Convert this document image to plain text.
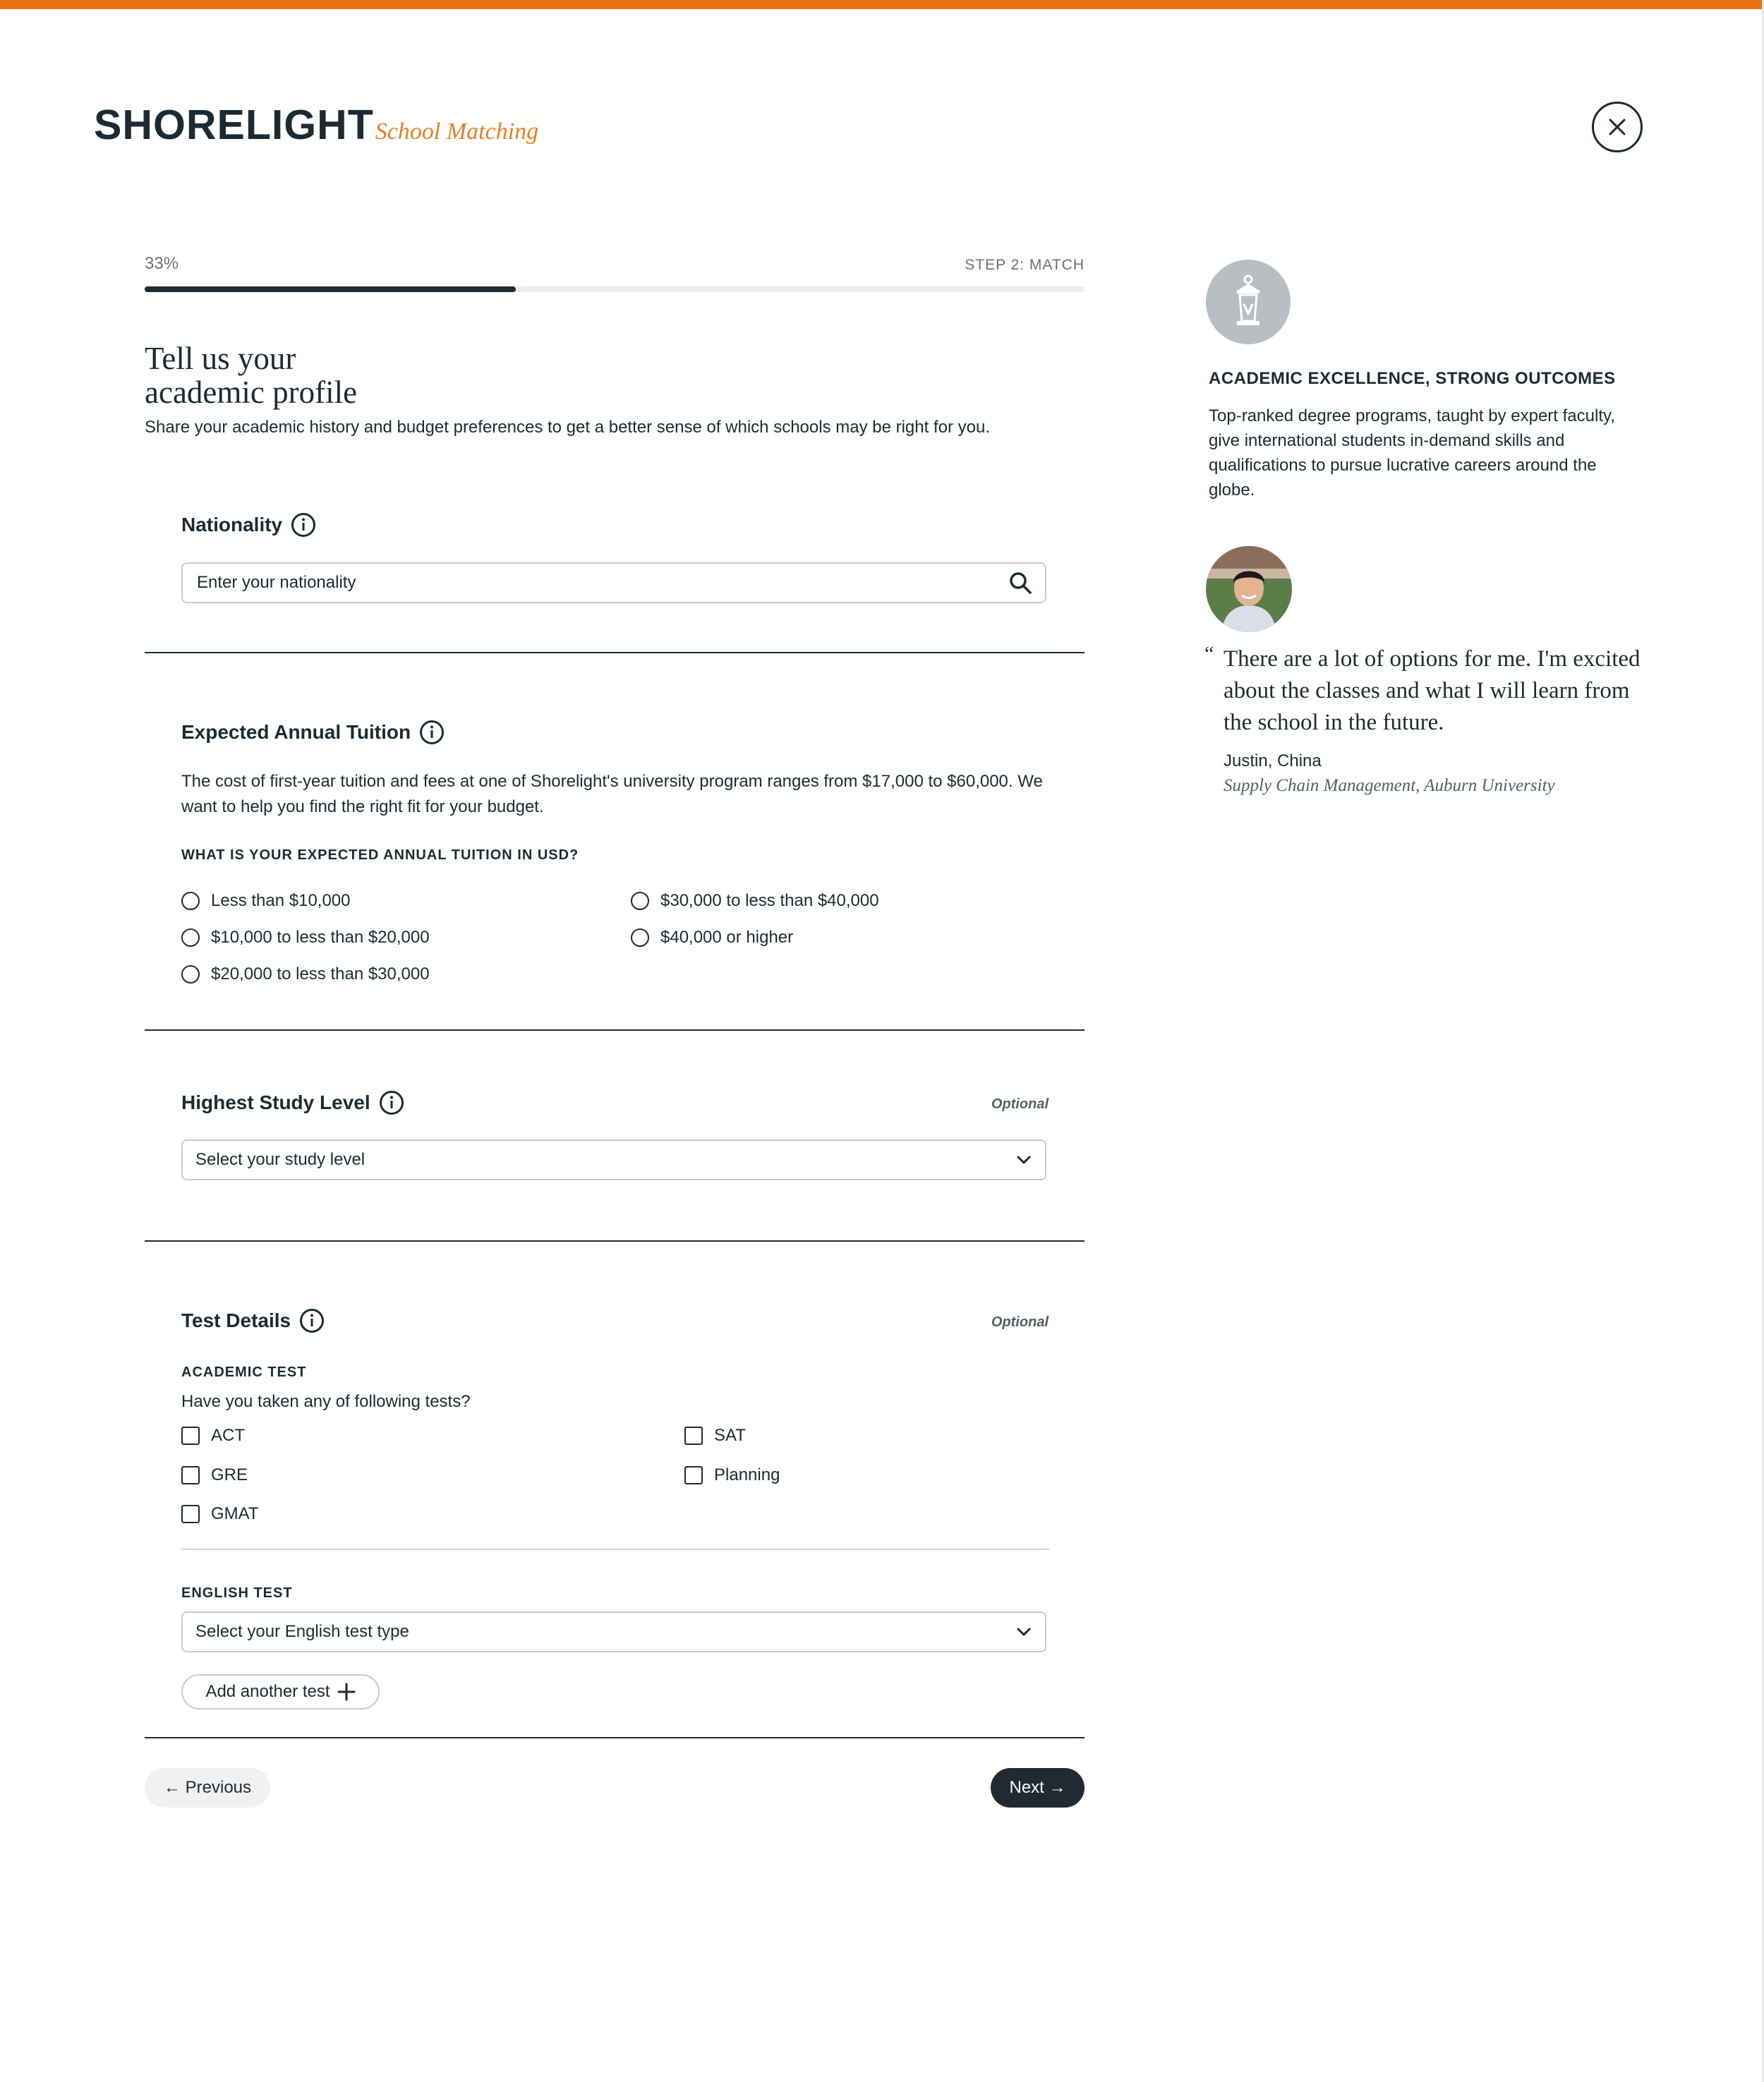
SHORELIGHT School Matching
33%	STEP 2: MATCH
Tell us your
academic profile
Share your academic history and budget preferences to get a better sense of which schools may be right for you.
Nationality
Enter your nationality
Expected Annual Tuition
The cost of first-year tuition and fees at one of Shorelight's university program ranges from $17,000 to $60,000. We want to help you find the right fit for your budget.
WHAT IS YOUR EXPECTED ANNUAL TUITION IN USD?
Less than $10,000
$10,000 to less than $20,000
$20,000 to less than $30,000
$30,000 to less than $40,000
$40,000 or higher
Highest Study Level	Optional
Select your study level
Test Details	Optional
ACADEMIC TEST
Have you taken any of following tests?
ACT
GRE
GMAT
SAT
Planning
ENGLISH TEST
Select your English test type
Add another test
← Previous	Next →
ACADEMIC EXCELLENCE, STRONG OUTCOMES
Top-ranked degree programs, taught by expert faculty, give international students in-demand skills and qualifications to pursue lucrative careers around the globe.
“ There are a lot of options for me. I'm excited about the classes and what I will learn from the school in the future.
Justin, China
Supply Chain Management, Auburn University
